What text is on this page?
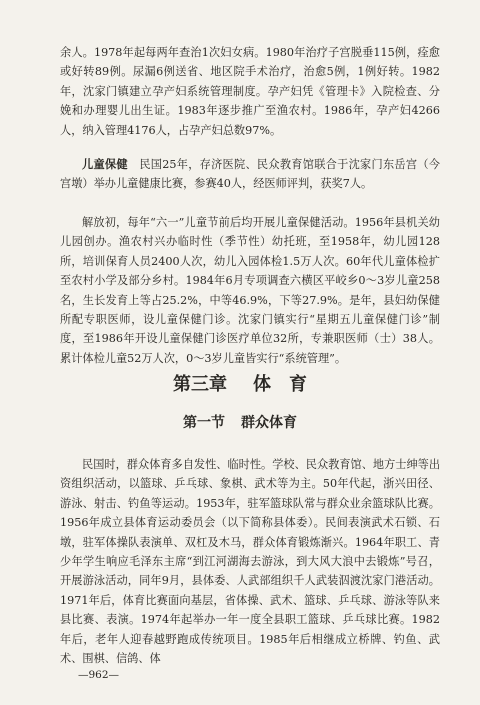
余人。1978年起每两年查治1次妇女病。1980年治疗子宫脱垂115例，痊愈或好转89例。尿漏6例送省、地区院手术治疗，治愈5例，1例好转。1982年，沈家门镇建立孕产妇系统管理制度。孕产妇凭《管理卡》入院检查、分娩和办理婴儿出生证。1983年逐步推广至渔农村。1986年，孕产妇4266人，纳入管理4176人，占孕产妇总数97%。

儿童保健　 民国25年，存济医院、民众教育馆联合于沈家门东岳宫（今宫墩）举办儿童健康比赛，参赛40人，经医师评判，获奖7人。

解放初，每年“六一”儿童节前后均开展儿童保健活动。1956年县机关幼儿园创办。渔农村兴办临时性（季节性）幼托班，至1958年，幼儿园128所，培训保育人员2400人次，幼儿入园体检1.5万人次。60年代儿童体检扩至农村小学及部分乡村。1984年6月专项调查六横区平峧乡0～3岁儿童258名，生长发育上等占25.2%，中等46.9%，下等27.9%。是年，县妇幼保健所配专职医师，设儿童保健门诊。沈家门镇实行“星期五儿童保健门诊”制度，至1986年开设儿童保健门诊医疗单位32所，专兼职医师（士）38人。累计体检儿童52万人次，0～3岁儿童皆实行“系统管理”。

第三章 体　育
第一节 群众体育

民国时，群众体育多自发性、临时性。学校、民众教育馆、地方士绅等出资组织活动，以篮球、乒乓球、象棋、武术等为主。50年代起，浙兴田径、游泳、射击、钓鱼等运动。1953年，驻军篮球队常与群众业余篮球队比赛。1956年成立县体育运动委员会（以下简称县体委）。民间表演武术石锁、石墩，驻军体操队表演单、双杠及木马，群众体育锻炼渐兴。1964年职工、青少年学生响应毛泽东主席“到江河湖海去游泳，到大风大浪中去锻炼”号召，开展游泳活动，同年9月，县体委、人武部组织千人武装泅渡沈家门港活动。1971年后，体育比赛面向基层，省体操、武术、篮球、乒乓球、游泳等队来县比赛、表演。1974年起举办一年一度全县职工篮球、乒乓球比赛。1982年后，老年人迎春越野跑成传统项目。1985年后相继成立桥牌、钓鱼、武术、围棋、信鸽、体

—962—
